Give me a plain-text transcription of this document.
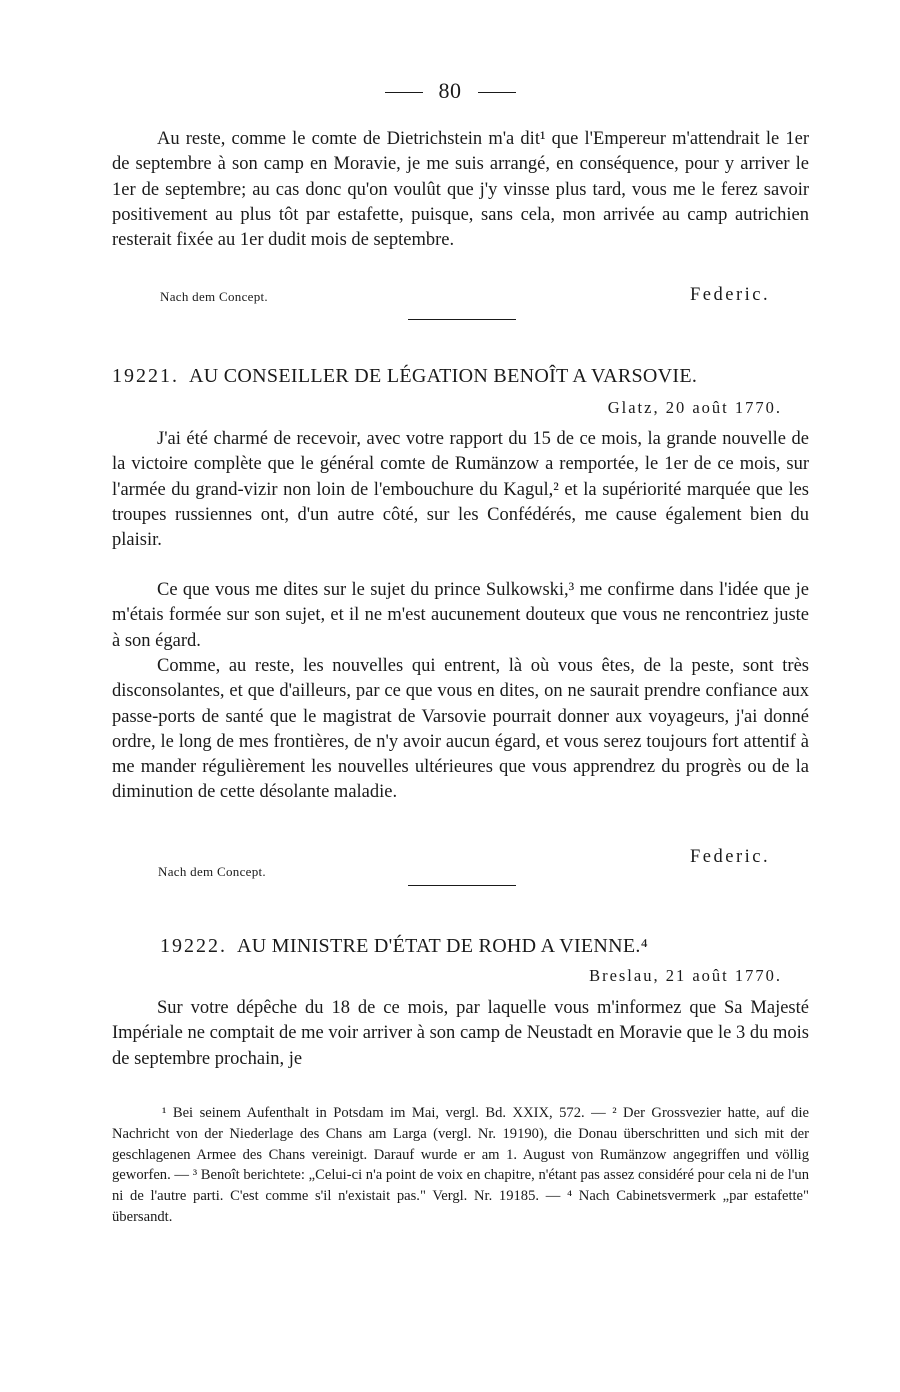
80

Au reste, comme le comte de Dietrichstein m'a dit¹ que l'Empereur m'attendrait le 1er de septembre à son camp en Moravie, je me suis arrangé, en conséquence, pour y arriver le 1er de septembre; au cas donc qu'on voulût que j'y vinsse plus tard, vous me le ferez savoir positivement au plus tôt par estafette, puisque, sans cela, mon arrivée au camp autrichien resterait fixée au 1er dudit mois de septembre.

Nach dem Concept.	Federic.
19221. AU CONSEILLER DE LÉGATION BENOÎT A VARSOVIE.
Glatz, 20 août 1770.

J'ai été charmé de recevoir, avec votre rapport du 15 de ce mois, la grande nouvelle de la victoire complète que le général comte de Rumänzow a remportée, le 1er de ce mois, sur l'armée du grand-vizir non loin de l'embouchure du Kagul,² et la supériorité marquée que les troupes russiennes ont, d'un autre côté, sur les Confédérés, me cause également bien du plaisir.

Ce que vous me dites sur le sujet du prince Sulkowski,³ me confirme dans l'idée que je m'étais formée sur son sujet, et il ne m'est aucunement douteux que vous ne rencontriez juste à son égard.

Comme, au reste, les nouvelles qui entrent, là où vous êtes, de la peste, sont très disconsolantes, et que d'ailleurs, par ce que vous en dites, on ne saurait prendre confiance aux passe-ports de santé que le magistrat de Varsovie pourrait donner aux voyageurs, j'ai donné ordre, le long de mes frontières, de n'y avoir aucun égard, et vous serez toujours fort attentif à me mander régulièrement les nouvelles ultérieures que vous apprendrez du progrès ou de la diminution de cette désolante maladie.

Nach dem Concept.
Federic.
19222. AU MINISTRE D'ÉTAT DE ROHD A VIENNE.⁴
Breslau, 21 août 1770.

Sur votre dépêche du 18 de ce mois, par laquelle vous m'informez que Sa Majesté Impériale ne comptait de me voir arriver à son camp de Neustadt en Moravie que le 3 du mois de septembre prochain, je

¹ Bei seinem Aufenthalt in Potsdam im Mai, vergl. Bd. XXIX, 572. — ² Der Grossvezier hatte, auf die Nachricht von der Niederlage des Chans am Larga (vergl. Nr. 19190), die Donau überschritten und sich mit der geschlagenen Armee des Chans vereinigt. Darauf wurde er am 1. August von Rumänzow angegriffen und völlig geworfen. — ³ Benoît berichtete: „Celui-ci n'a point de voix en chapitre, n'étant pas assez considéré pour cela ni de l'un ni de l'autre parti. C'est comme s'il n'existait pas." Vergl. Nr. 19185. — ⁴ Nach Cabinetsvermerk „par estafette" übersandt.
